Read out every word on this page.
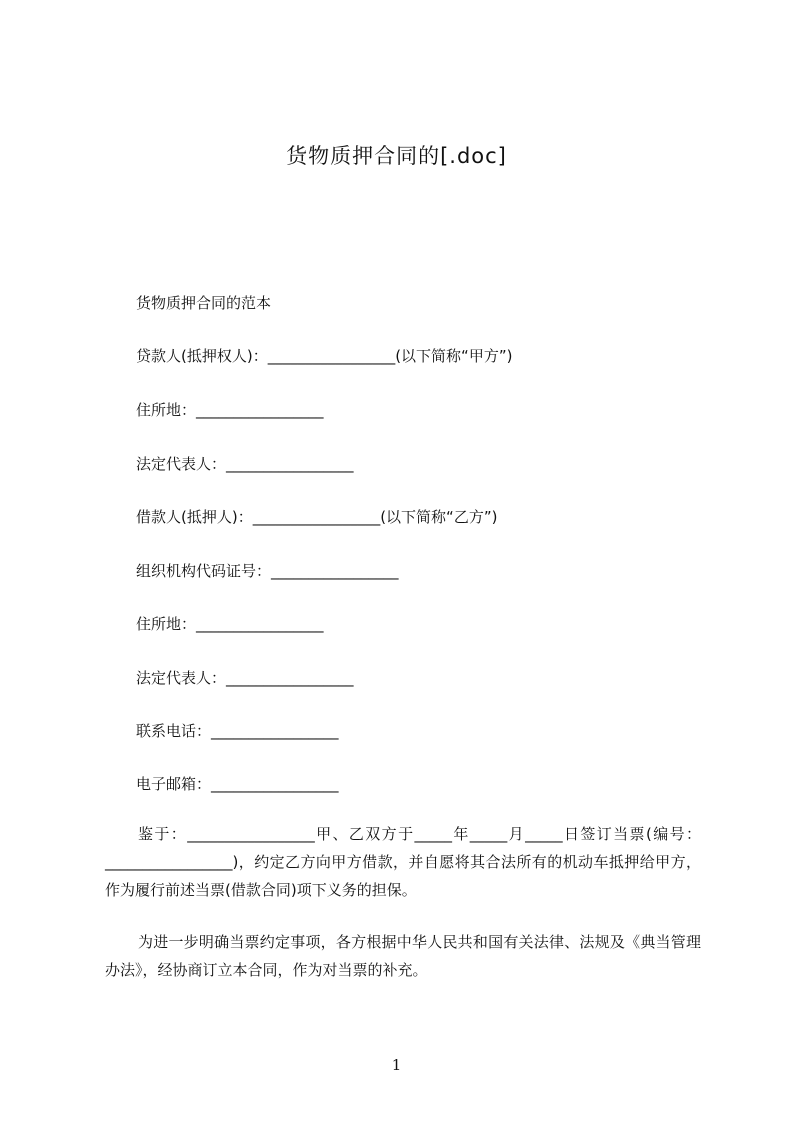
货物质押合同的[.doc]
货物质押合同的范本
贷款人(抵押权人)：_________________(以下简称“甲方”)
住所地：_________________
法定代表人：_________________
借款人(抵押人)：_________________(以下简称“乙方”)
组织机构代码证号：_________________
住所地：_________________
法定代表人：_________________
联系电话：_________________
电子邮箱：_________________
鉴于：_________________甲、乙双方于_____年_____月_____日签订当票(编号：_________________)，约定乙方向甲方借款，并自愿将其合法所有的机动车抵押给甲方，作为履行前述当票(借款合同)项下义务的担保。
为进一步明确当票约定事项，各方根据中华人民共和国有关法律、法规及《典当管理办法》，经协商订立本合同，作为对当票的补充。
1
